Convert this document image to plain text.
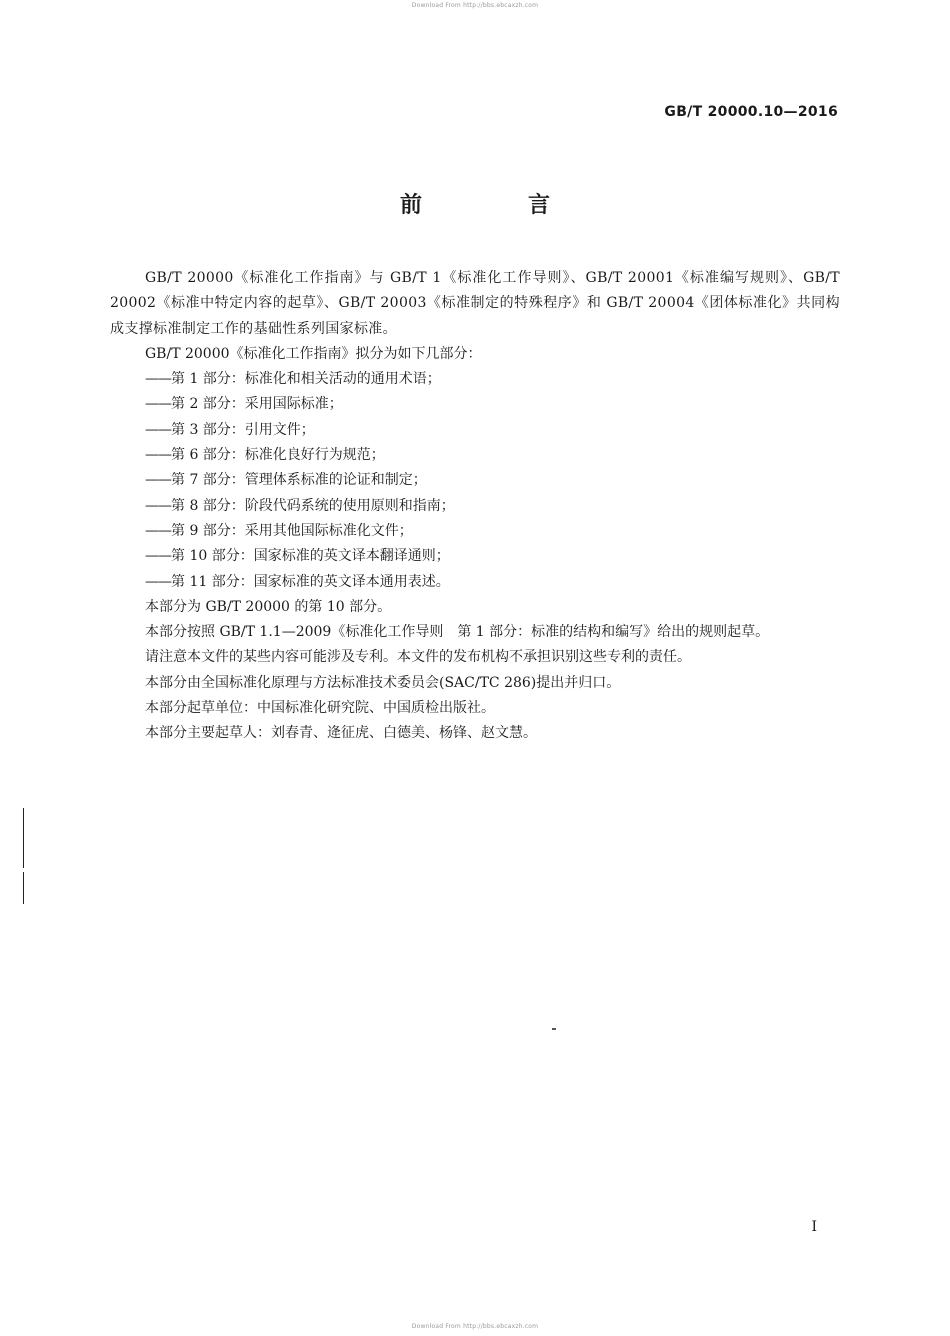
Download From http://bbs.ebcaxzh.com
GB/T 20000.10—2016
前　言

GB/T 20000《标准化工作指南》与 GB/T 1《标准化工作导则》、GB/T 20001《标准编写规则》、GB/T 20002《标准中特定内容的起草》、GB/T 20003《标准制定的特殊程序》和 GB/T 20004《团体标准化》共同构成支撑标准制定工作的基础性系列国家标准。

GB/T 20000《标准化工作指南》拟分为如下几部分：

——第 1 部分：标准化和相关活动的通用术语；
——第 2 部分：采用国际标准；
——第 3 部分：引用文件；
——第 6 部分：标准化良好行为规范；
——第 7 部分：管理体系标准的论证和制定；
——第 8 部分：阶段代码系统的使用原则和指南；
——第 9 部分：采用其他国际标准化文件；
——第 10 部分：国家标准的英文译本翻译通则；
——第 11 部分：国家标准的英文译本通用表述。

本部分为 GB/T 20000 的第 10 部分。

本部分按照 GB/T 1.1—2009《标准化工作导则　第 1 部分：标准的结构和编写》给出的规则起草。

请注意本文件的某些内容可能涉及专利。本文件的发布机构不承担识别这些专利的责任。

本部分由全国标准化原理与方法标准技术委员会(SAC/TC 286)提出并归口。

本部分起草单位：中国标准化研究院、中国质检出版社。

本部分主要起草人：刘春青、逄征虎、白德美、杨锋、赵文慧。

I
Download From http://bbs.ebcaxzh.com
